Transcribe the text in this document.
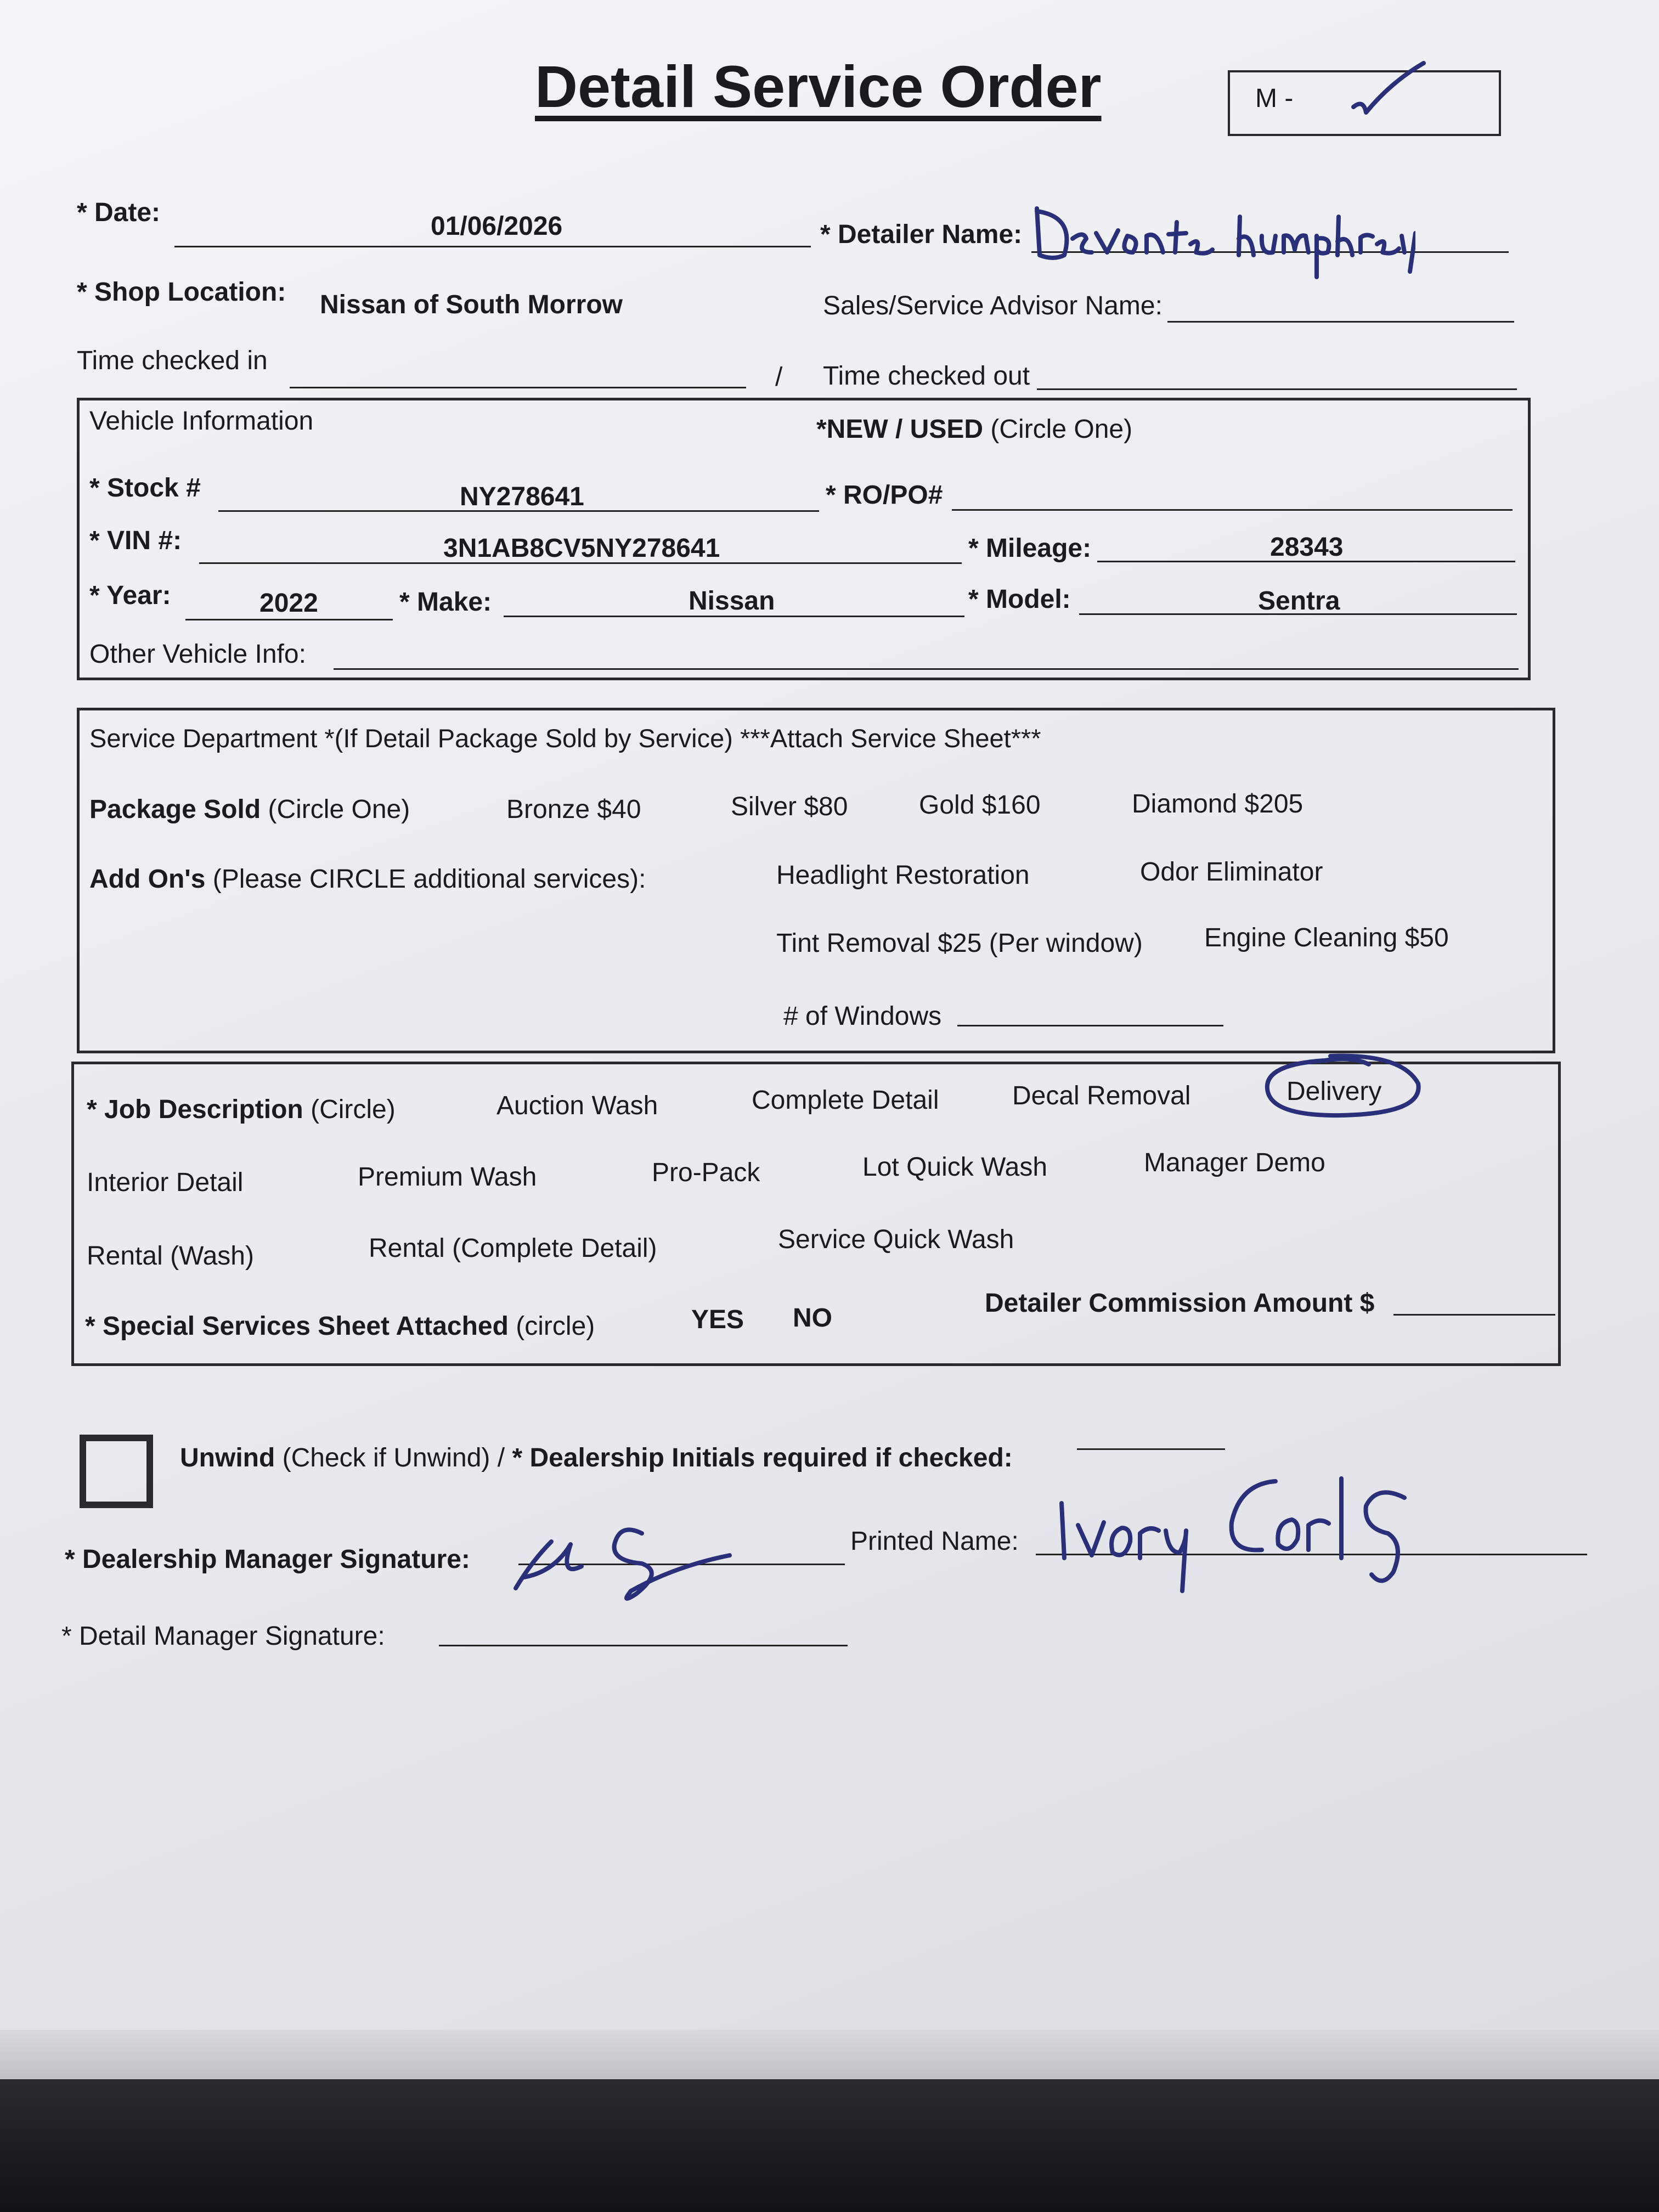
Detail Service Order	M -
* Date:	01/06/2026	* Detailer Name:
* Shop Location: Nissan of South Morrow	Sales/Service Advisor Name:
Time checked in
/ Time checked out
Vehicle Information	*NEW / USED (Circle One)
* Stock #	NY278641	* RO/PO#
* VIN #:	3N1AB8CV5NY278641	* Mileage:	28343
* Year:	2022	* Make:	Nissan	* Model:	Sentra
Other Vehicle Info:
Service Department *(If Detail Package Sold by Service) ***Attach Service Sheet***
Package Sold (Circle One)	Bronze $40	Silver $80	Gold $160	Diamond $205
Add On's (Please CIRCLE additional services):	Headlight Restoration	Odor Eliminator
Tint Removal $25 (Per window) Engine Cleaning $50
# of Windows
* Job Description (Circle)	Auction Wash	Complete Detail	Decal Removal	Delivery
Interior Detail	Premium Wash	Pro-Pack	Lot Quick Wash	Manager Demo
Rental (Wash)	Rental (Complete Detail)	Service Quick Wash
* Special Services Sheet Attached (circle)	YES NO
Detailer Commission Amount $
Unwind (Check if Unwind) / * Dealership Initials required if checked:
* Dealership Manager Signature:
Printed Name:
* Detail Manager Signature:
